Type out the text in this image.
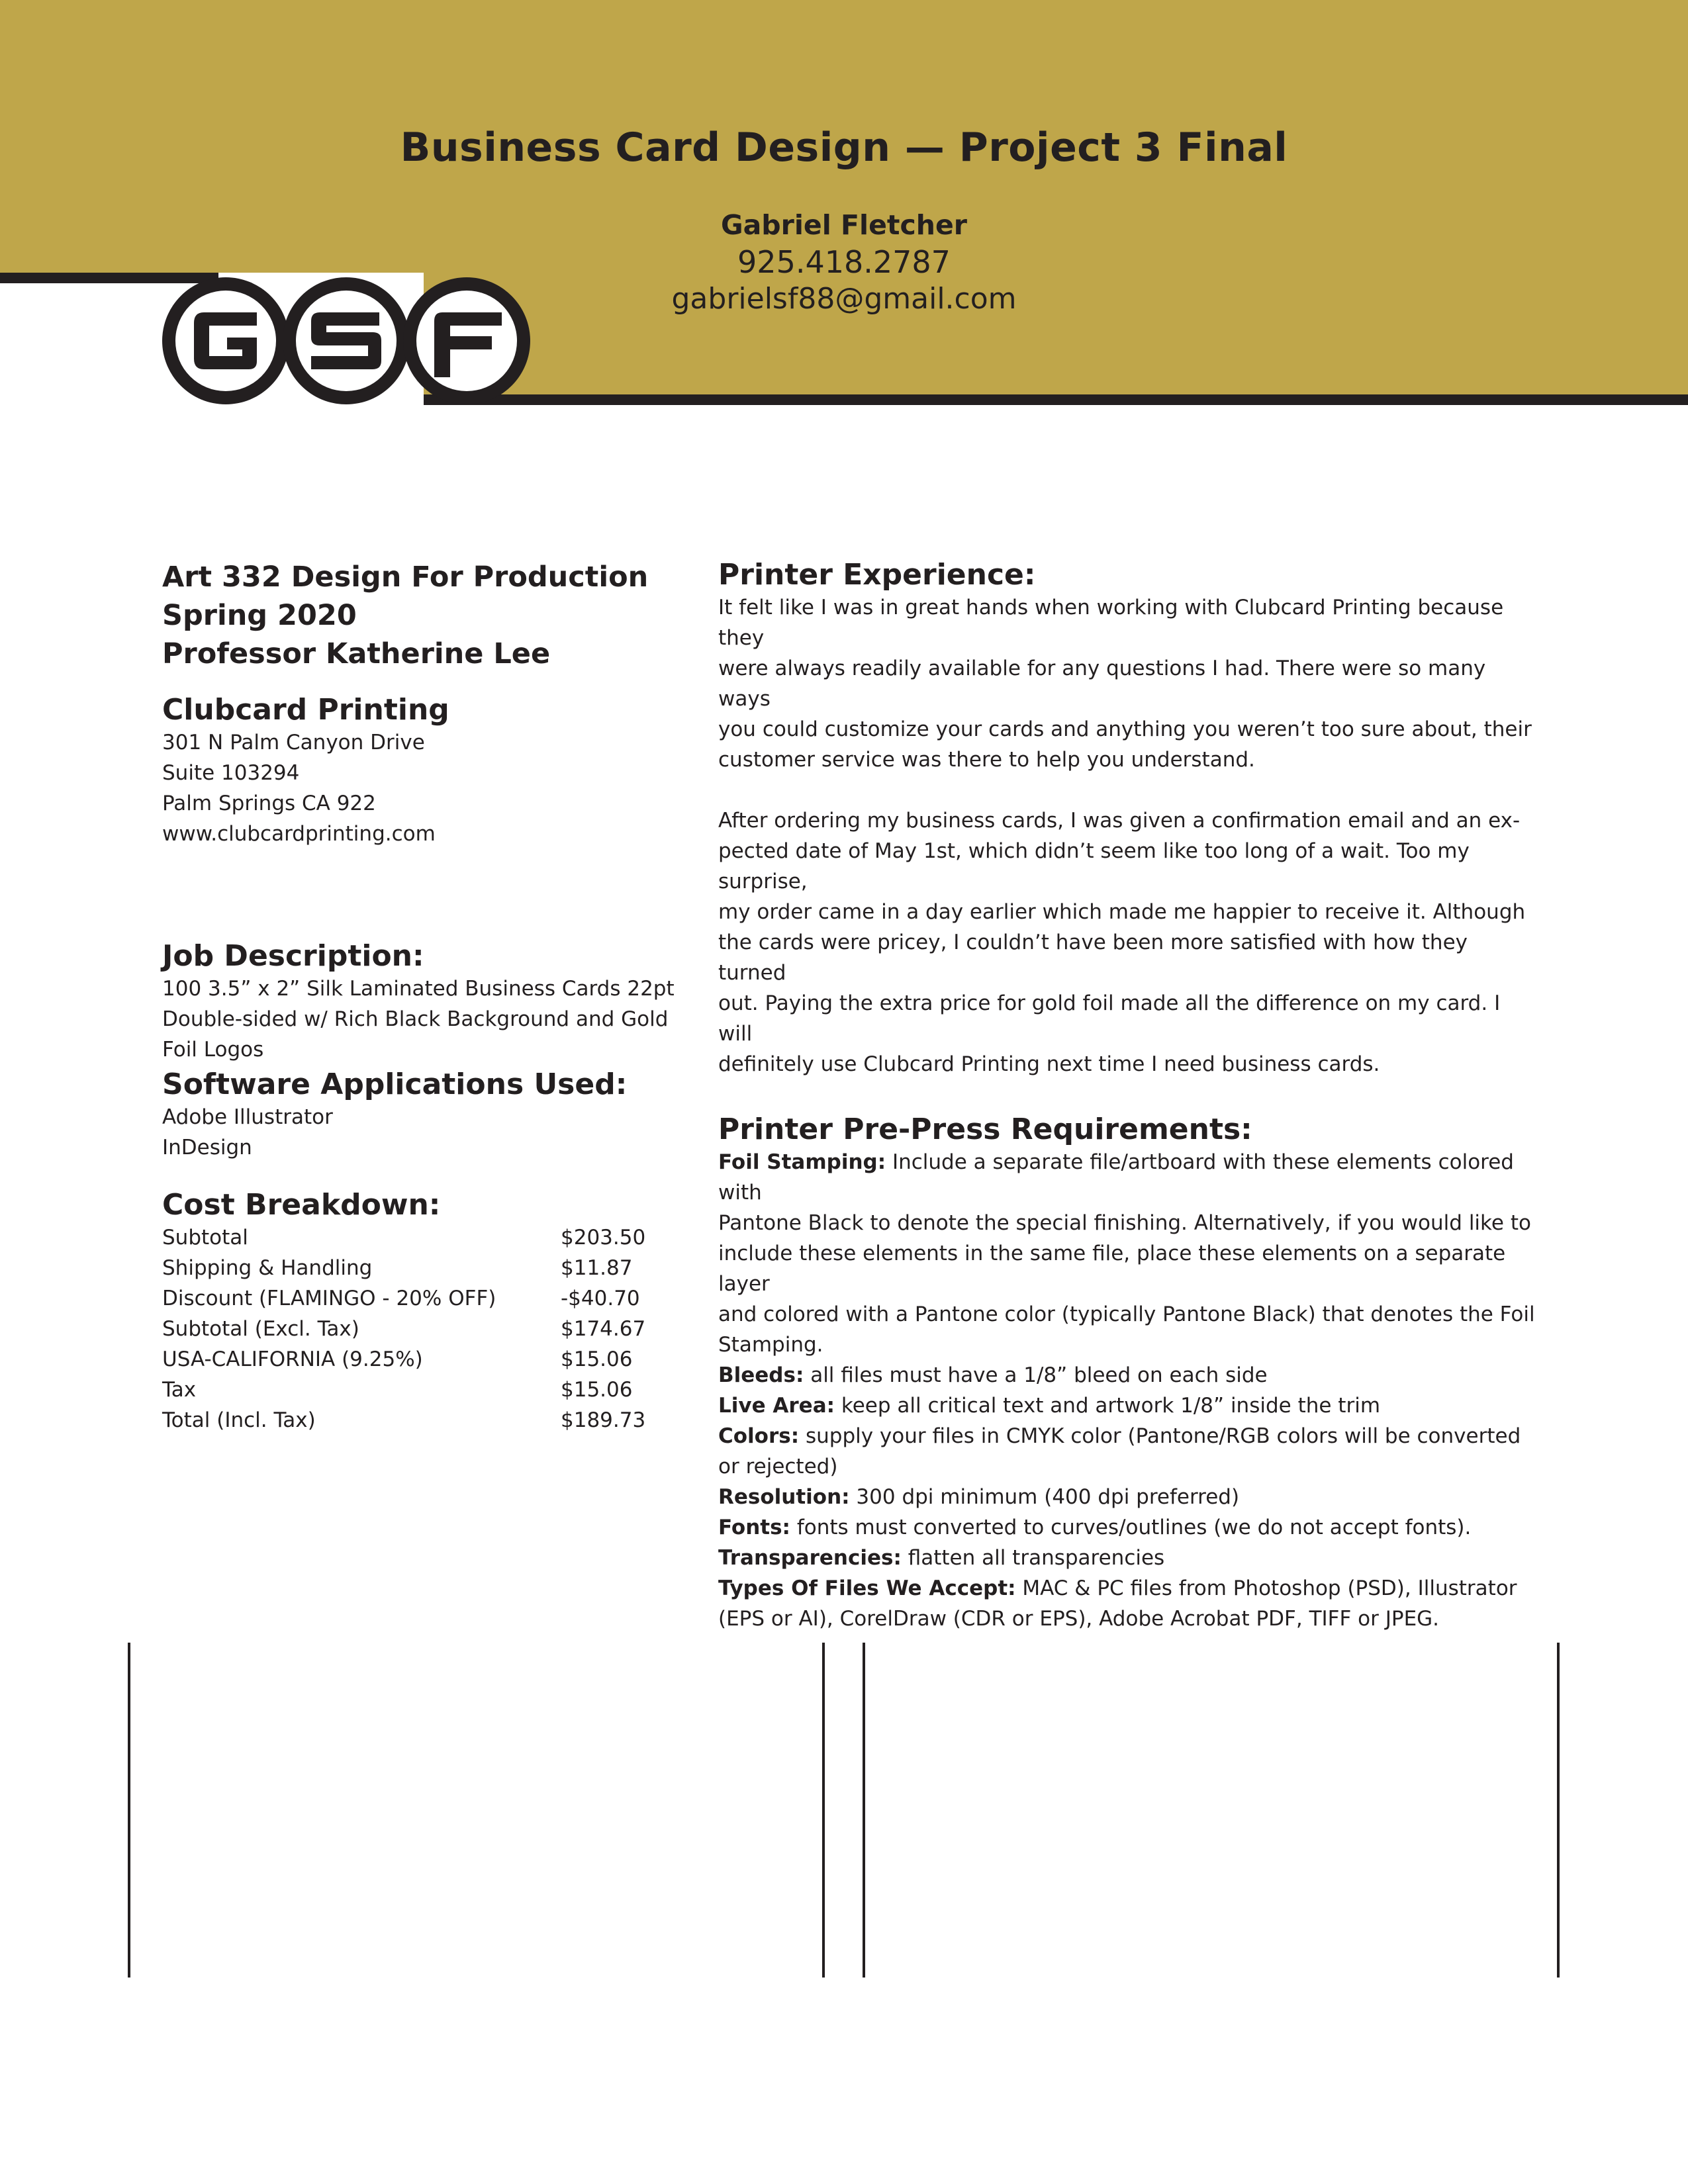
Business Card Design — Project 3 Final
Gabriel Fletcher
925.418.2787
gabrielsf88@gmail.com

Art 332 Design For Production

Spring 2020

Professor Katherine Lee

Clubcard Printing

301 N Palm Canyon Drive

Suite 103294

Palm Springs CA 922

www.clubcardprinting.com

Job Description:

100 3.5” x 2” Silk Laminated Business Cards 22pt

Double-sided w/ Rich Black Background and Gold

Foil Logos

Software Applications Used:

Adobe Illustrator

InDesign

Cost Breakdown:

Subtotal	$203.50
Shipping & Handling	$11.87
Discount (FLAMINGO - 20% OFF)	-$40.70
Subtotal (Excl. Tax)	$174.67
USA-CALIFORNIA (9.25%)	$15.06
Tax	$15.06
Total (Incl. Tax)	$189.73

Printer Experience:

It felt like I was in great hands when working with Clubcard Printing because they

were always readily available for any questions I had. There were so many ways

you could customize your cards and anything you weren’t too sure about, their

customer service was there to help you understand.

After ordering my business cards, I was given a confirmation email and an ex-

pected date of May 1st, which didn’t seem like too long of a wait. Too my surprise,

my order came in a day earlier which made me happier to receive it. Although

the cards were pricey, I couldn’t have been more satisfied with how they turned

out. Paying the extra price for gold foil made all the difference on my card. I will

definitely use Clubcard Printing next time I need business cards.

Printer Pre-Press Requirements:

Foil Stamping: Include a separate file/artboard with these elements colored with

Pantone Black to denote the special finishing. Alternatively, if you would like to

include these elements in the same file, place these elements on a separate layer

and colored with a Pantone color (typically Pantone Black) that denotes the Foil

Stamping.

Bleeds: all files must have a 1/8” bleed on each side

Live Area: keep all critical text and artwork 1/8” inside the trim

Colors: supply your files in CMYK color (Pantone/RGB colors will be converted

or rejected)

Resolution: 300 dpi minimum (400 dpi preferred)

Fonts: fonts must converted to curves/outlines (we do not accept fonts).

Transparencies: flatten all transparencies

Types Of Files We Accept: MAC & PC files from Photoshop (PSD), Illustrator

(EPS or AI), CorelDraw (CDR or EPS), Adobe Acrobat PDF, TIFF or JPEG.
